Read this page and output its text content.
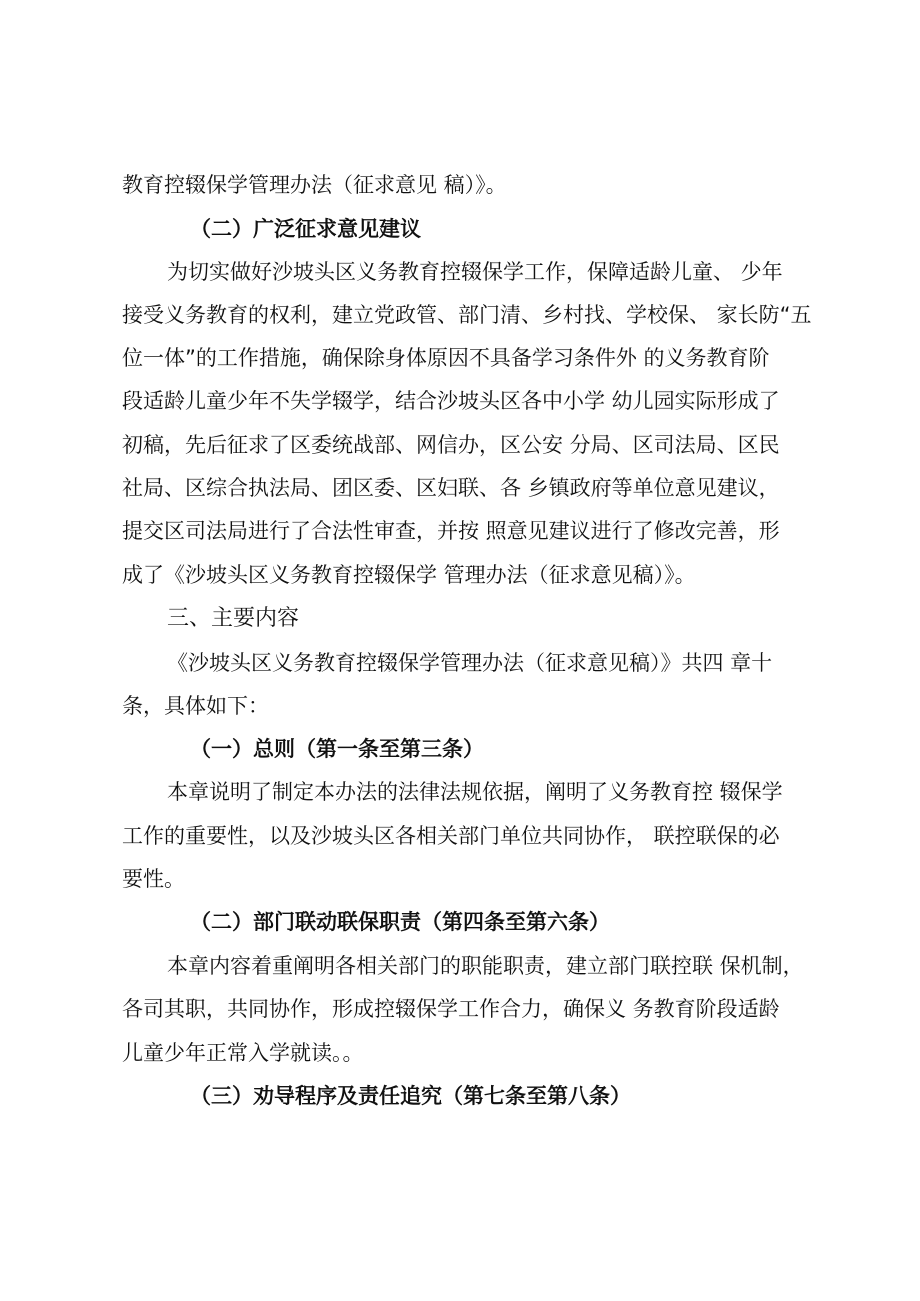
教育控辍保学管理办法（征求意见 稿）》。
（二）广泛征求意见建议
为切实做好沙坡头区义务教育控辍保学工作，保障适龄儿童、 少年
接受义务教育的权利，建立党政管、部门清、乡村找、学校保、 家长防“五
位一体”的工作措施，确保除身体原因不具备学习条件外 的义务教育阶
段适龄儿童少年不失学辍学，结合沙坡头区各中小学 幼儿园实际形成了
初稿，先后征求了区委统战部、网信办，区公安 分局、区司法局、区民
社局、区综合执法局、团区委、区妇联、各 乡镇政府等单位意见建议，
提交区司法局进行了合法性审查，并按 照意见建议进行了修改完善，形
成了《沙坡头区义务教育控辍保学 管理办法（征求意见稿）》。
三、主要内容
《沙坡头区义务教育控辍保学管理办法（征求意见稿）》共四 章十
条，具体如下：
（一）总则（第一条至第三条）
本章说明了制定本办法的法律法规依据，阐明了义务教育控 辍保学
工作的重要性，以及沙坡头区各相关部门单位共同协作， 联控联保的必
要性。
（二）部门联动联保职责（第四条至第六条）
本章内容着重阐明各相关部门的职能职责，建立部门联控联 保机制，
各司其职，共同协作，形成控辍保学工作合力，确保义 务教育阶段适龄
儿童少年正常入学就读。。
（三）劝导程序及责任追究（第七条至第八条）
